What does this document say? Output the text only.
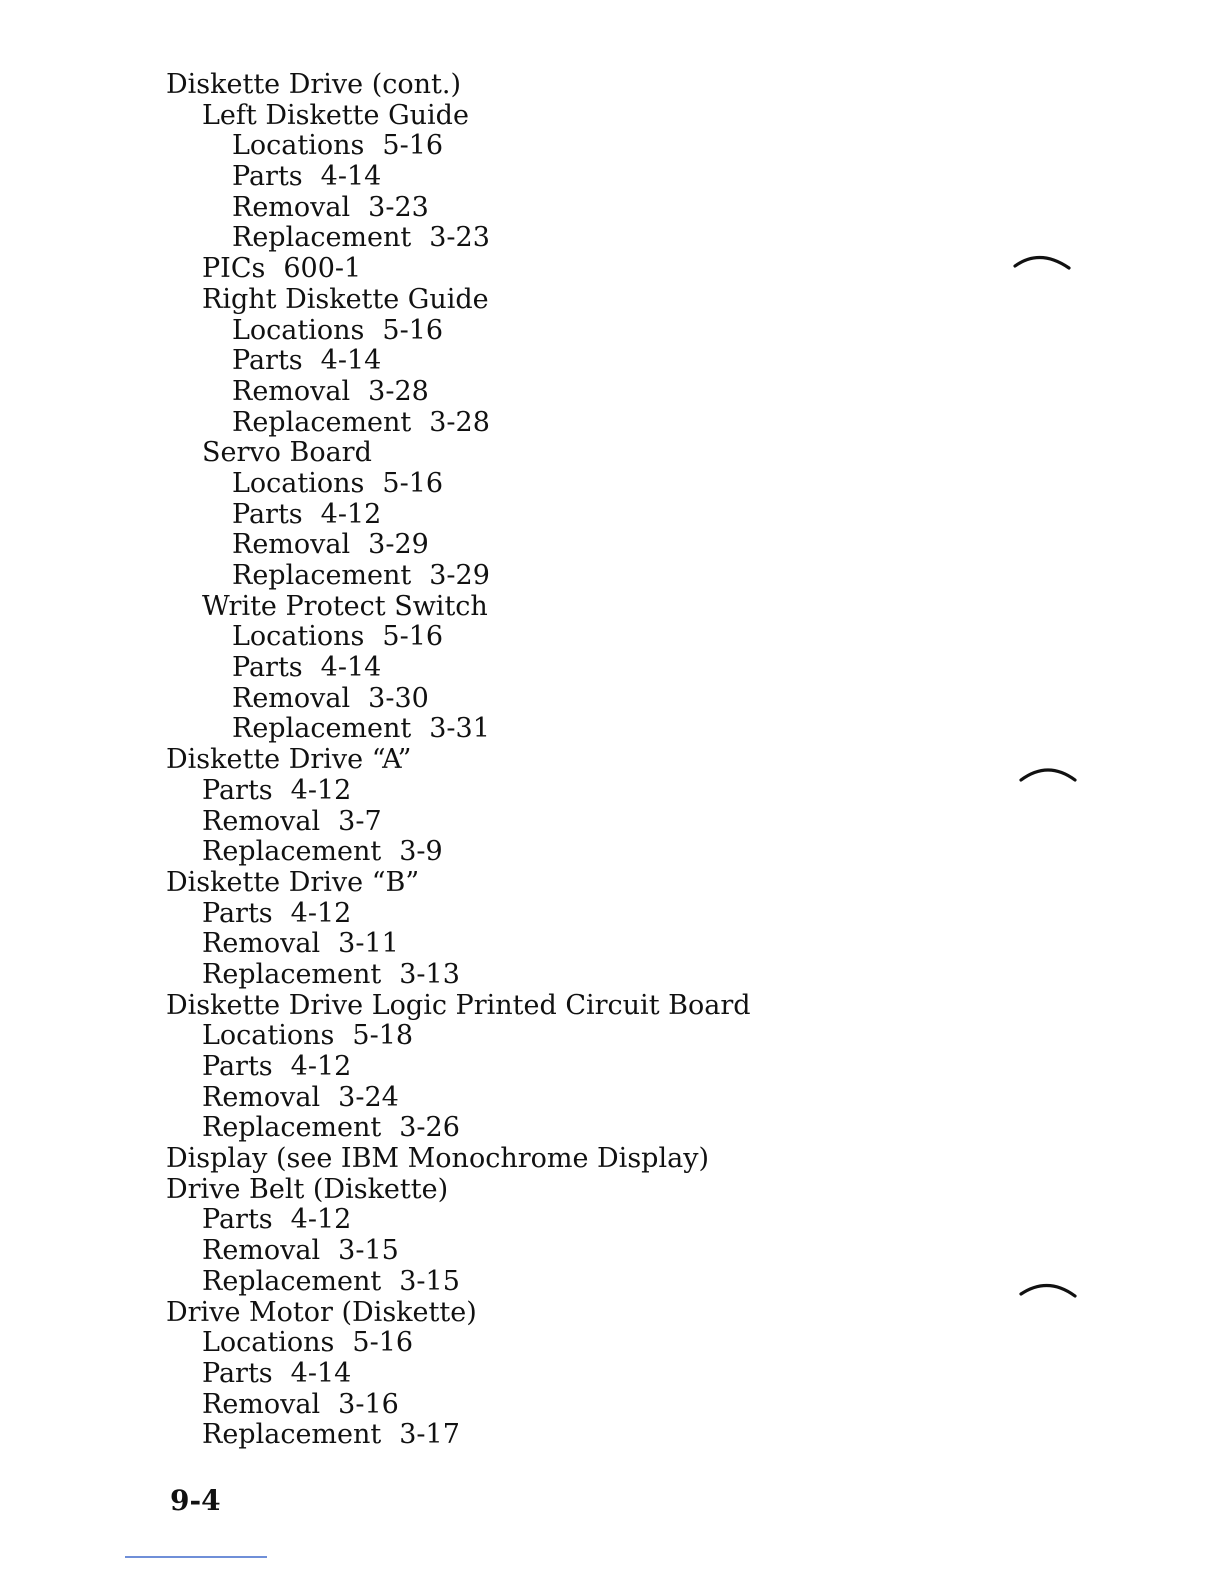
Diskette Drive (cont.)
Left Diskette Guide
Locations 5-16
Parts 4-14
Removal 3-23
Replacement 3-23
PICs 600-1
Right Diskette Guide
Locations 5-16
Parts 4-14
Removal 3-28
Replacement 3-28
Servo Board
Locations 5-16
Parts 4-12
Removal 3-29
Replacement 3-29
Write Protect Switch
Locations 5-16
Parts 4-14
Removal 3-30
Replacement 3-31
Diskette Drive “A”
Parts 4-12
Removal 3-7
Replacement 3-9
Diskette Drive “B”
Parts 4-12
Removal 3-11
Replacement 3-13
Diskette Drive Logic Printed Circuit Board
Locations 5-18
Parts 4-12
Removal 3-24
Replacement 3-26
Display (see IBM Monochrome Display)
Drive Belt (Diskette)
Parts 4-12
Removal 3-15
Replacement 3-15
Drive Motor (Diskette)
Locations 5-16
Parts 4-14
Removal 3-16
Replacement 3-17
9-4
